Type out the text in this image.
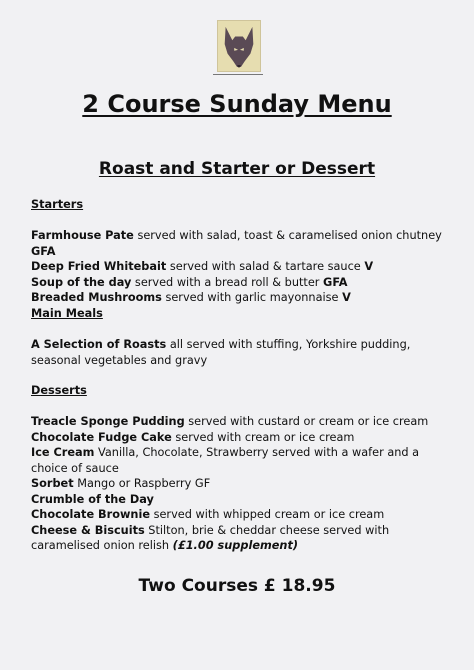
2 Course Sunday Menu
Roast and Starter or Dessert

Starters

Farmhouse Pate served with salad, toast & caramelised onion chutney GFA

Deep Fried Whitebait served with salad & tartare sauce V

Soup of the day served with a bread roll & butter GFA

Breaded Mushrooms served with garlic mayonnaise V

Main Meals

A Selection of Roasts all served with stuffing, Yorkshire pudding, seasonal vegetables and gravy

Desserts

Treacle Sponge Pudding served with custard or cream or ice cream

Chocolate Fudge Cake served with cream or ice cream

Ice Cream Vanilla, Chocolate, Strawberry served with a wafer and a choice of sauce

Sorbet Mango or Raspberry GF

Crumble of the Day

Chocolate Brownie served with whipped cream or ice cream

Cheese & Biscuits Stilton, brie & cheddar cheese served with caramelised onion relish (£1.00 supplement)

Two Courses £ 18.95
